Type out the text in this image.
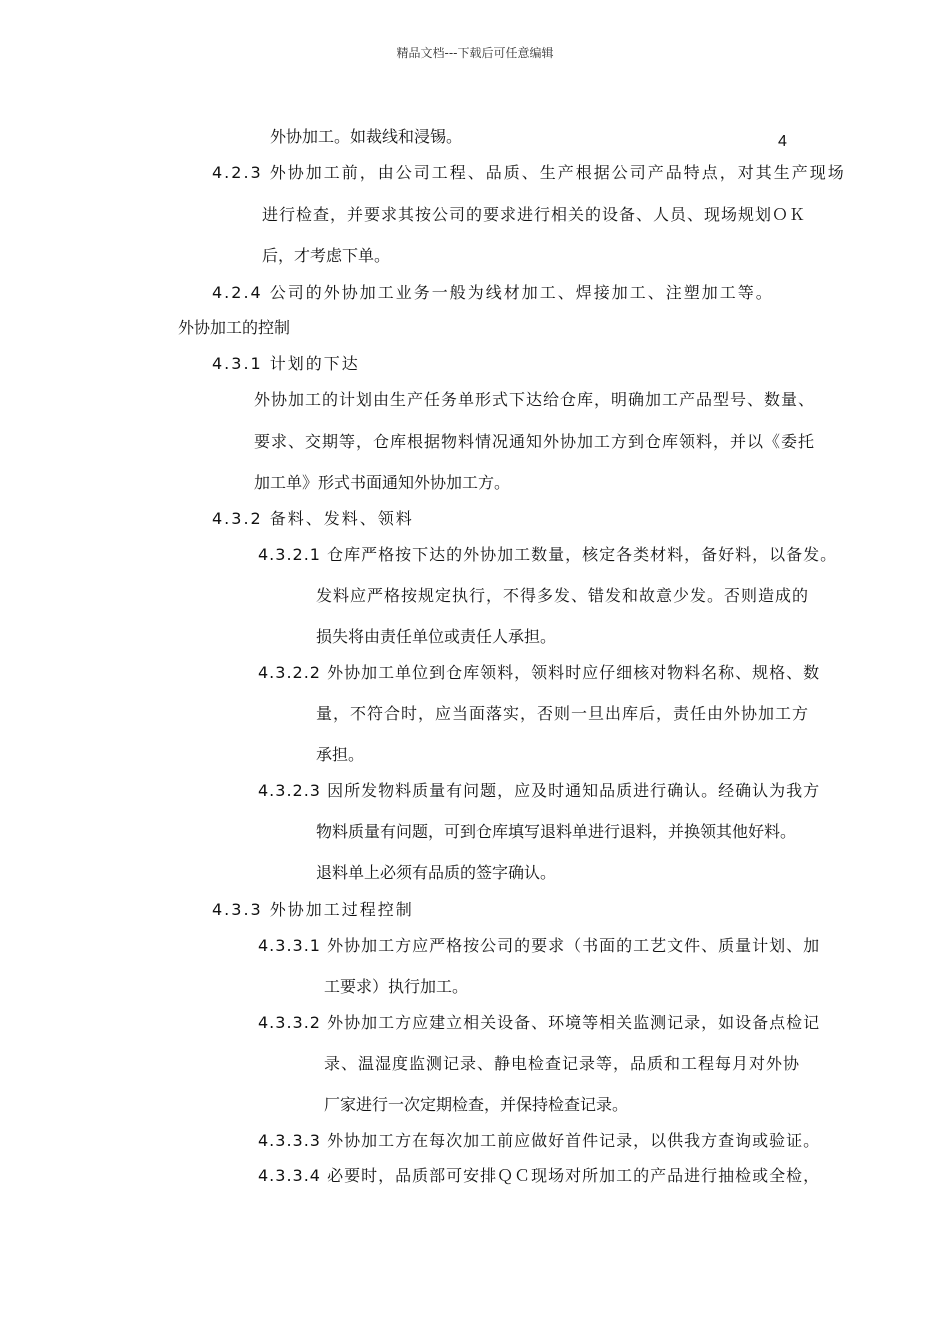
精品文档---下载后可任意编辑
4
外协加工。如裁线和浸锡。
4.2.3 外协加工前，由公司工程、品质、生产根据公司产品特点，对其生产现场
进行检查，并要求其按公司的要求进行相关的设备、人员、现场规划ＯＫ
后，才考虑下单。
4.2.4 公司的外协加工业务一般为线材加工、焊接加工、注塑加工等。
外协加工的控制
4.3.1 计划的下达
外协加工的计划由生产任务单形式下达给仓库，明确加工产品型号、数量、
要求、交期等，仓库根据物料情况通知外协加工方到仓库领料，并以《委托
加工单》形式书面通知外协加工方。
4.3.2 备料、发料、领料
4.3.2.1 仓库严格按下达的外协加工数量，核定各类材料，备好料，以备发。
发料应严格按规定执行，不得多发、错发和故意少发。否则造成的
损失将由责任单位或责任人承担。
4.3.2.2 外协加工单位到仓库领料，领料时应仔细核对物料名称、规格、数
量，不符合时，应当面落实，否则一旦出库后，责任由外协加工方
承担。
4.3.2.3 因所发物料质量有问题，应及时通知品质进行确认。经确认为我方
物料质量有问题，可到仓库填写退料单进行退料，并换领其他好料。
退料单上必须有品质的签字确认。
4.3.3 外协加工过程控制
4.3.3.1 外协加工方应严格按公司的要求（书面的工艺文件、质量计划、加
工要求）执行加工。
4.3.3.2 外协加工方应建立相关设备、环境等相关监测记录，如设备点检记
录、温湿度监测记录、静电检查记录等，品质和工程每月对外协
厂家进行一次定期检查，并保持检查记录。
4.3.3.3 外协加工方在每次加工前应做好首件记录，以供我方查询或验证。
4.3.3.4 必要时，品质部可安排ＱＣ现场对所加工的产品进行抽检或全检，
